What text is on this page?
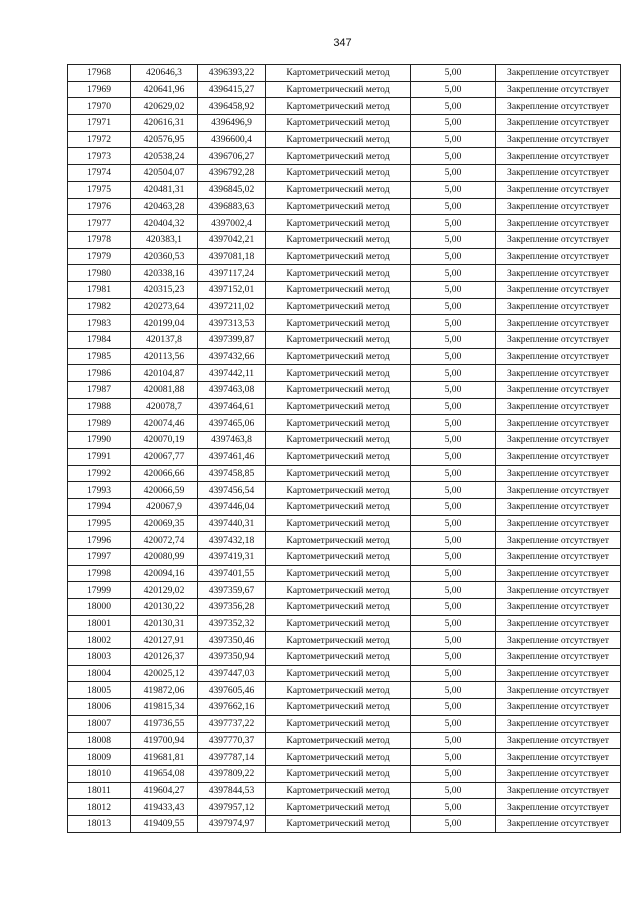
347
17968	420646,3	4396393,22	Картометрический метод	5,00	Закрепление отсутствует
17969	420641,96	4396415,27	Картометрический метод	5,00	Закрепление отсутствует
17970	420629,02	4396458,92	Картометрический метод	5,00	Закрепление отсутствует
17971	420616,31	4396496,9	Картометрический метод	5,00	Закрепление отсутствует
17972	420576,95	4396600,4	Картометрический метод	5,00	Закрепление отсутствует
17973	420538,24	4396706,27	Картометрический метод	5,00	Закрепление отсутствует
17974	420504,07	4396792,28	Картометрический метод	5,00	Закрепление отсутствует
17975	420481,31	4396845,02	Картометрический метод	5,00	Закрепление отсутствует
17976	420463,28	4396883,63	Картометрический метод	5,00	Закрепление отсутствует
17977	420404,32	4397002,4	Картометрический метод	5,00	Закрепление отсутствует
17978	420383,1	4397042,21	Картометрический метод	5,00	Закрепление отсутствует
17979	420360,53	4397081,18	Картометрический метод	5,00	Закрепление отсутствует
17980	420338,16	4397117,24	Картометрический метод	5,00	Закрепление отсутствует
17981	420315,23	4397152,01	Картометрический метод	5,00	Закрепление отсутствует
17982	420273,64	4397211,02	Картометрический метод	5,00	Закрепление отсутствует
17983	420199,04	4397313,53	Картометрический метод	5,00	Закрепление отсутствует
17984	420137,8	4397399,87	Картометрический метод	5,00	Закрепление отсутствует
17985	420113,56	4397432,66	Картометрический метод	5,00	Закрепление отсутствует
17986	420104,87	4397442,11	Картометрический метод	5,00	Закрепление отсутствует
17987	420081,88	4397463,08	Картометрический метод	5,00	Закрепление отсутствует
17988	420078,7	4397464,61	Картометрический метод	5,00	Закрепление отсутствует
17989	420074,46	4397465,06	Картометрический метод	5,00	Закрепление отсутствует
17990	420070,19	4397463,8	Картометрический метод	5,00	Закрепление отсутствует
17991	420067,77	4397461,46	Картометрический метод	5,00	Закрепление отсутствует
17992	420066,66	4397458,85	Картометрический метод	5,00	Закрепление отсутствует
17993	420066,59	4397456,54	Картометрический метод	5,00	Закрепление отсутствует
17994	420067,9	4397446,04	Картометрический метод	5,00	Закрепление отсутствует
17995	420069,35	4397440,31	Картометрический метод	5,00	Закрепление отсутствует
17996	420072,74	4397432,18	Картометрический метод	5,00	Закрепление отсутствует
17997	420080,99	4397419,31	Картометрический метод	5,00	Закрепление отсутствует
17998	420094,16	4397401,55	Картометрический метод	5,00	Закрепление отсутствует
17999	420129,02	4397359,67	Картометрический метод	5,00	Закрепление отсутствует
18000	420130,22	4397356,28	Картометрический метод	5,00	Закрепление отсутствует
18001	420130,31	4397352,32	Картометрический метод	5,00	Закрепление отсутствует
18002	420127,91	4397350,46	Картометрический метод	5,00	Закрепление отсутствует
18003	420126,37	4397350,94	Картометрический метод	5,00	Закрепление отсутствует
18004	420025,12	4397447,03	Картометрический метод	5,00	Закрепление отсутствует
18005	419872,06	4397605,46	Картометрический метод	5,00	Закрепление отсутствует
18006	419815,34	4397662,16	Картометрический метод	5,00	Закрепление отсутствует
18007	419736,55	4397737,22	Картометрический метод	5,00	Закрепление отсутствует
18008	419700,94	4397770,37	Картометрический метод	5,00	Закрепление отсутствует
18009	419681,81	4397787,14	Картометрический метод	5,00	Закрепление отсутствует
18010	419654,08	4397809,22	Картометрический метод	5,00	Закрепление отсутствует
18011	419604,27	4397844,53	Картометрический метод	5,00	Закрепление отсутствует
18012	419433,43	4397957,12	Картометрический метод	5,00	Закрепление отсутствует
18013	419409,55	4397974,97	Картометрический метод	5,00	Закрепление отсутствует
